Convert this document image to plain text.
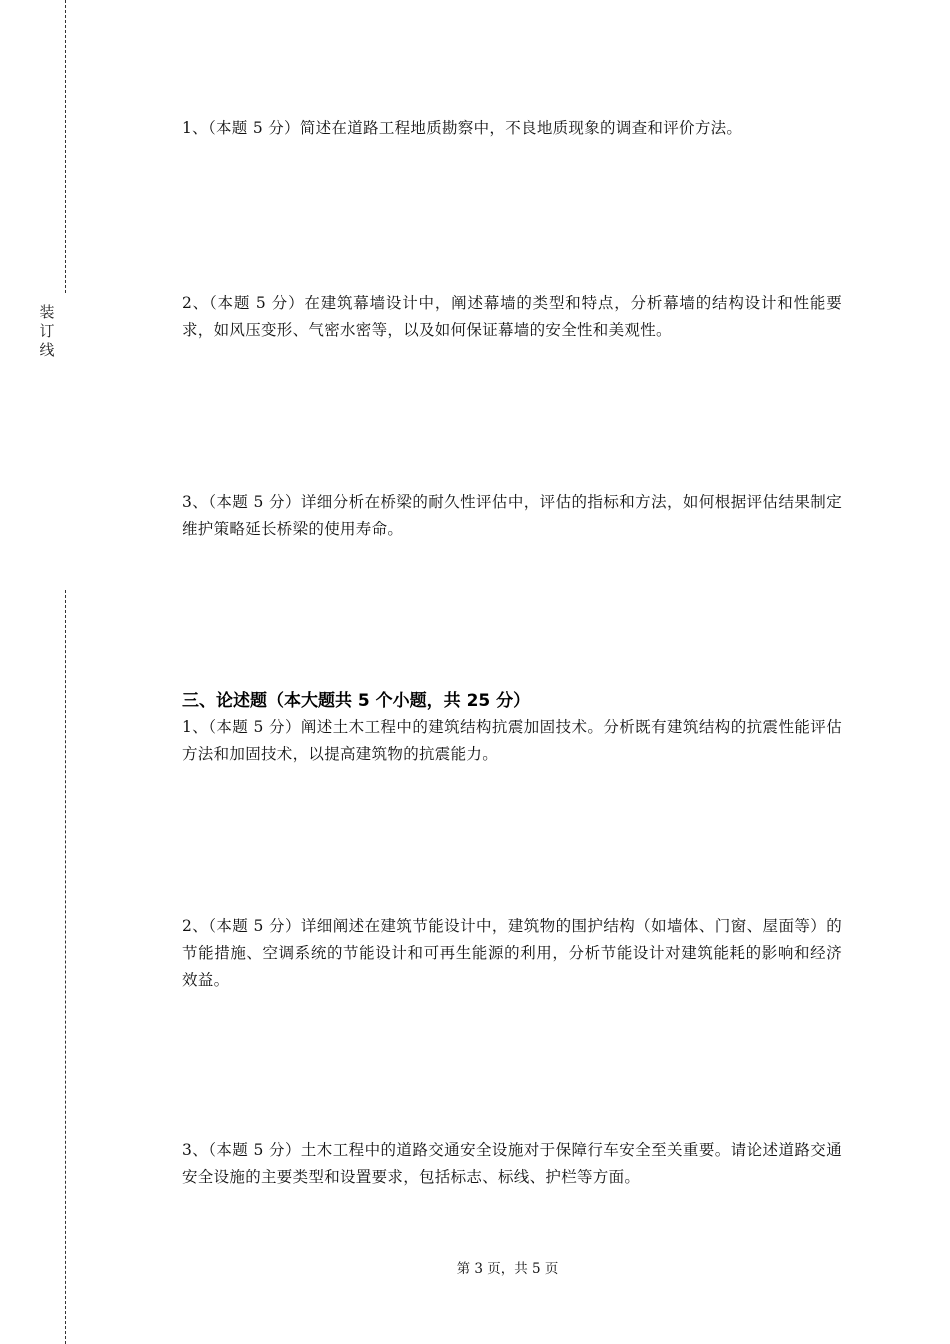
装
订
线

1、（本题 5 分）简述在道路工程地质勘察中，不良地质现象的调查和评价方法。

2、（本题 5 分）在建筑幕墙设计中，阐述幕墙的类型和特点，分析幕墙的结构设计和性能要求，如风压变形、气密水密等，以及如何保证幕墙的安全性和美观性。

3、（本题 5 分）详细分析在桥梁的耐久性评估中，评估的指标和方法，如何根据评估结果制定维护策略延长桥梁的使用寿命。

三、论述题（本大题共 5 个小题，共 25 分）

1、（本题 5 分）阐述土木工程中的建筑结构抗震加固技术。分析既有建筑结构的抗震性能评估方法和加固技术，以提高建筑物的抗震能力。

2、（本题 5 分）详细阐述在建筑节能设计中，建筑物的围护结构（如墙体、门窗、屋面等）的节能措施、空调系统的节能设计和可再生能源的利用，分析节能设计对建筑能耗的影响和经济效益。

3、（本题 5 分）土木工程中的道路交通安全设施对于保障行车安全至关重要。请论述道路交通安全设施的主要类型和设置要求，包括标志、标线、护栏等方面。

第 3 页，共 5 页
